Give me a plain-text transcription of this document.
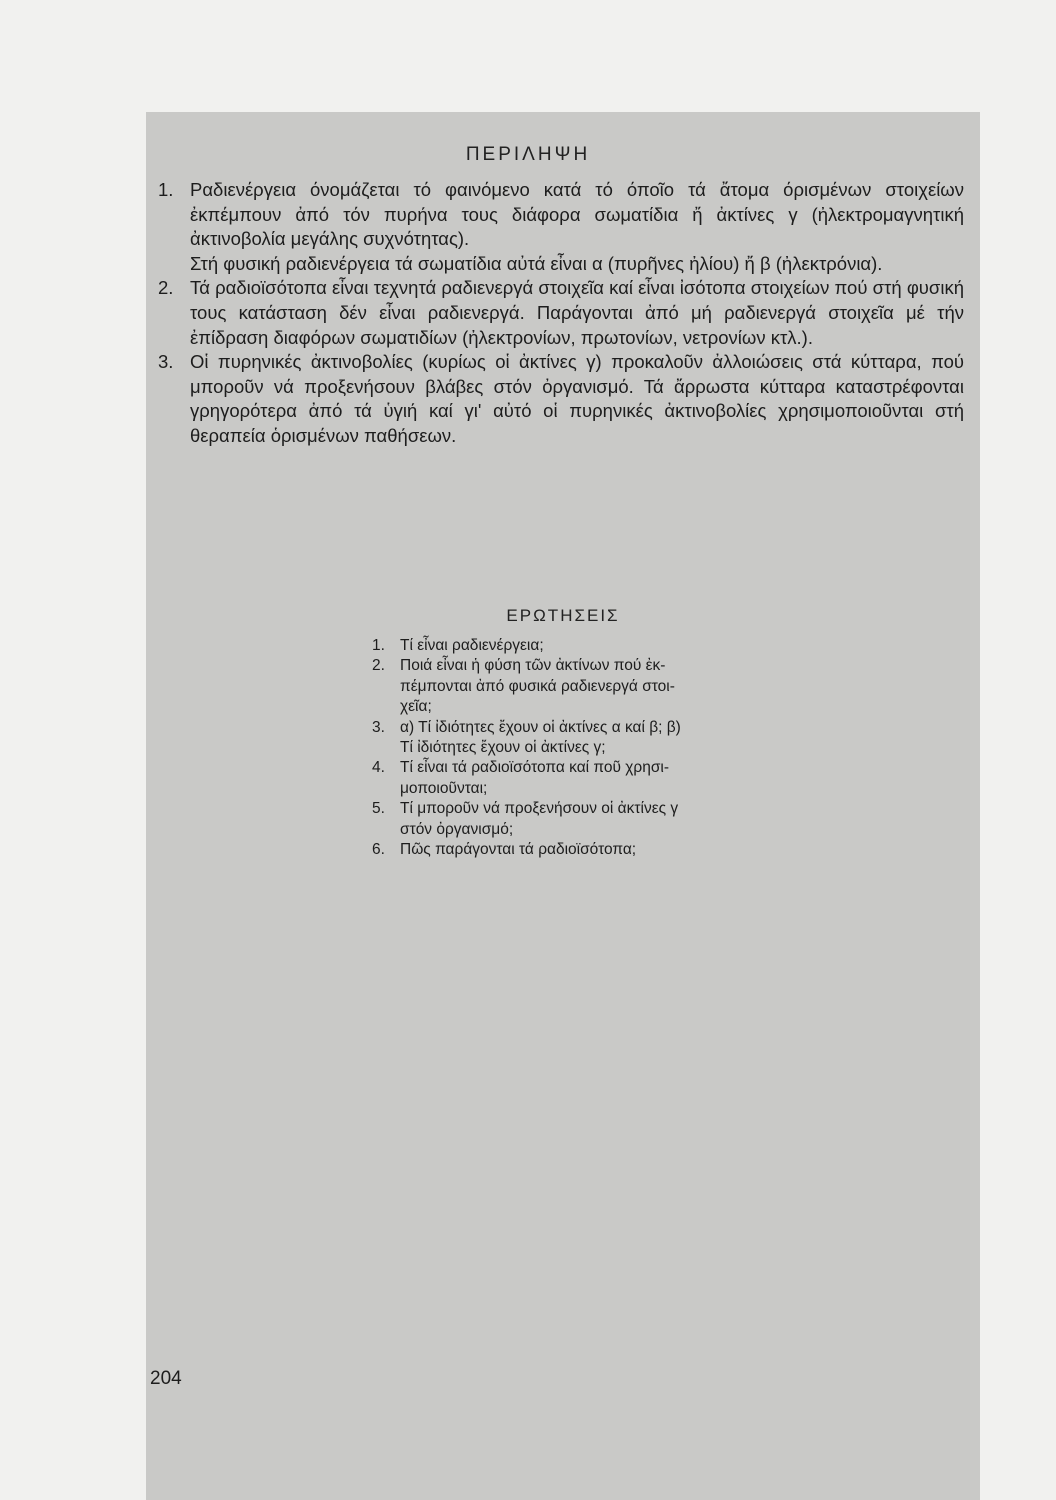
ΠΕΡΙΛΗΨΗ
1. Ραδιενέργεια όνομάζεται τό φαινόμενο κατά τό όποῖο τά ἄτομα όρισμένων στοιχείων ἐκπέμπουν ἀπό τόν πυρήνα τους διάφορα σωματίδια ἤ ἀκτίνες γ (ἠλεκτρομαγνητική ἀκτινοβολία μεγάλης συχνότητας).

Στή φυσική ραδιενέργεια τά σωματίδια αὐτά εἶναι α (πυρῆνες ἠλίου) ἤ β (ἠλεκτρόνια).

2. Τά ραδιοϊσότοπα εἶναι τεχνητά ραδιενεργά στοιχεῖα καί εἶναι ἰσότοπα στοιχείων πού στή φυσική τους κατάσταση δέν εἶναι ραδιενεργά. Παράγονται ἀπό μή ραδιενεργά στοιχεῖα μέ τήν ἐπίδραση διαφόρων σωματιδίων (ἠλεκτρονίων, πρωτονίων, νετρονίων κτλ.).

3. Οἱ πυρηνικές ἀκτινοβολίες (κυρίως οἱ ἀκτίνες γ) προκαλοῦν ἀλλοιώσεις στά κύτταρα, πού μποροῦν νά προξενήσουν βλάβες στόν ὀργανισμό. Τά ἄρρωστα κύτταρα καταστρέφονται γρηγορότερα ἀπό τά ὑγιή καί γι' αὐτό οἱ πυρηνικές ἀκτινοβολίες χρησιμοποιοῦνται στή θεραπεία ὁρισμένων παθήσεων.

ΕΡΩΤΗΣΕΙΣ
1. Τί εἶναι ραδιενέργεια;
2. Ποιά εἶναι ἡ φύση τῶν ἀκτίνων πού ἐκ-
πέμπονται ἀπό φυσικά ραδιενεργά στοι-
χεῖα;
3. α) Τί ἰδιότητες ἔχουν οἱ ἀκτίνες α καί β; β)
Τί ἰδιότητες ἔχουν οἱ ἀκτίνες γ;
4. Τί εἶναι τά ραδιοϊσότοπα καί ποῦ χρησι-
μοποιοῦνται;
5. Τί μποροῦν νά προξενήσουν οἱ ἀκτίνες γ
στόν ὀργανισμό;
6. Πῶς παράγονται τά ραδιοϊσότοπα;
204
